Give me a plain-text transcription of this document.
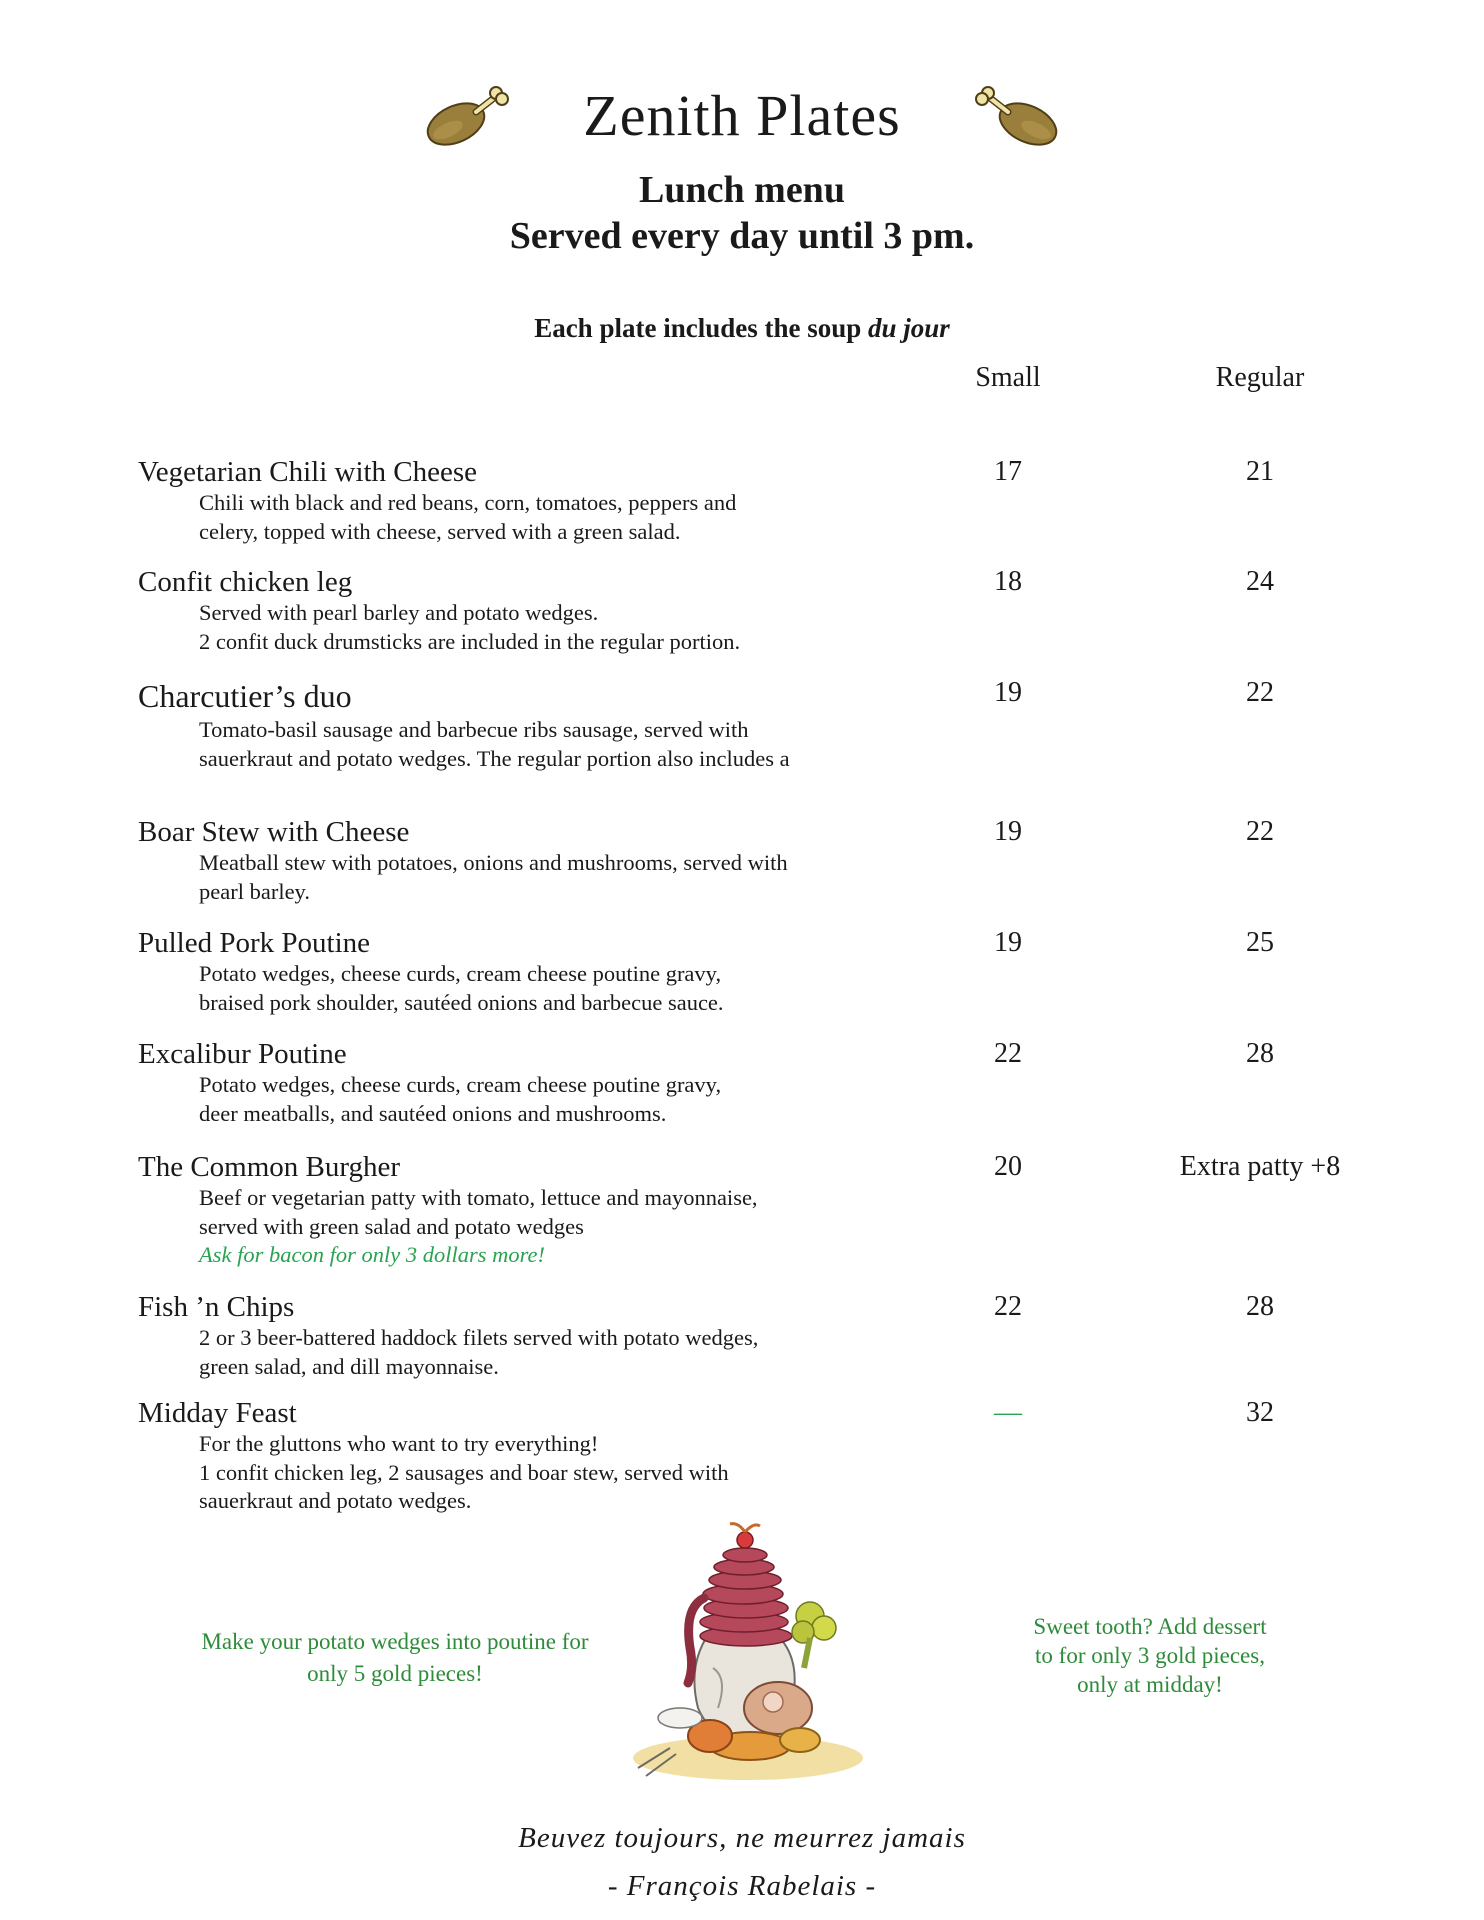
Zenith Plates
Lunch menu
Served every day until 3 pm.
Each plate includes the soup du jour
Small	Regular
Vegetarian Chili with Cheese
Chili with black and red beans, corn, tomatoes, peppers and
celery, topped with cheese, served with a green salad.
17	21
Confit chicken leg
Served with pearl barley and potato wedges.
2 confit duck drumsticks are included in the regular portion.
18	24
Charcutier’s duo
Tomato-basil sausage and barbecue ribs sausage, served with
sauerkraut and potato wedges. The regular portion also includes a
19	22
Boar Stew with Cheese
Meatball stew with potatoes, onions and mushrooms, served with
pearl barley.
19	22
Pulled Pork Poutine
Potato wedges, cheese curds, cream cheese poutine gravy,
braised pork shoulder, sautéed onions and barbecue sauce.
19	25
Excalibur Poutine
Potato wedges, cheese curds, cream cheese poutine gravy,
deer meatballs, and sautéed onions and mushrooms.
22	28
The Common Burgher
Beef or vegetarian patty with tomato, lettuce and mayonnaise,
served with green salad and potato wedges
Ask for bacon for only 3 dollars more!
20	Extra patty +8
Fish ’n Chips
2 or 3 beer-battered haddock filets served with potato wedges,
green salad, and dill mayonnaise.
22	28
Midday Feast
For the gluttons who want to try everything!
1 confit chicken leg, 2 sausages and boar stew, served with
sauerkraut and potato wedges.
—	32
Make your potato wedges into poutine for
only 5 gold pieces!
Sweet tooth? Add dessert
to for only 3 gold pieces,
only at midday!
Beuvez toujours, ne meurrez jamais
- François Rabelais -
